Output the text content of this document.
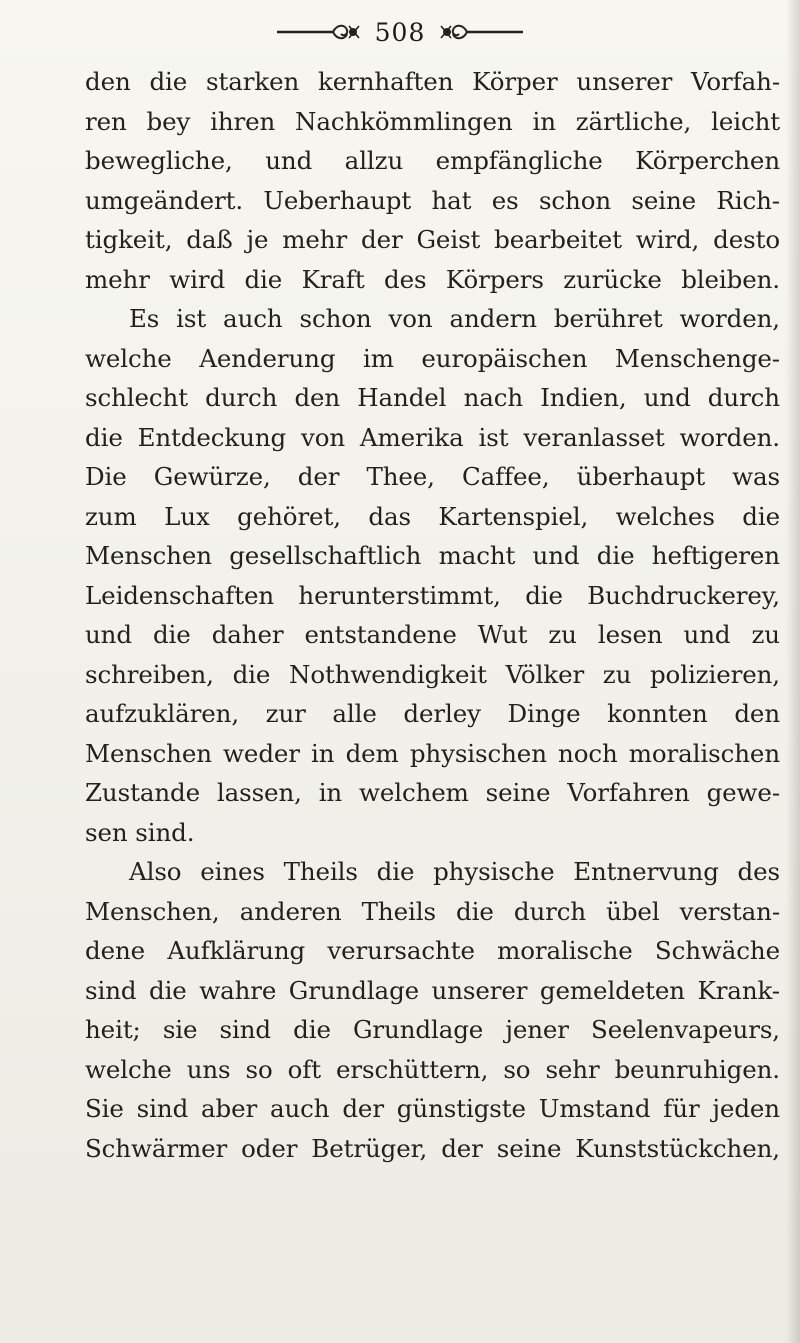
508
den die starken kernhaften Körper unserer Vorfah-
ren bey ihren Nachkömmlingen in zärtliche, leicht
bewegliche, und allzu empfängliche Körperchen
umgeändert. Ueberhaupt hat es schon seine Rich-
tigkeit, daß je mehr der Geist bearbeitet wird, desto
mehr wird die Kraft des Körpers zurücke bleiben.
Es ist auch schon von andern berühret worden,
welche Aenderung im europäischen Menschenge-
schlecht durch den Handel nach Indien, und durch
die Entdeckung von Amerika ist veranlasset worden.
Die Gewürze, der Thee, Caffee, überhaupt was
zum Lux gehöret, das Kartenspiel, welches die
Menschen gesellschaftlich macht und die heftigeren
Leidenschaften herunterstimmt, die Buchdruckerey,
und die daher entstandene Wut zu lesen und zu
schreiben, die Nothwendigkeit Völker zu polizieren,
aufzuklären, zur alle derley Dinge konnten den
Menschen weder in dem physischen noch moralischen
Zustande lassen, in welchem seine Vorfahren gewe-
sen sind.
Also eines Theils die physische Entnervung des
Menschen, anderen Theils die durch übel verstan-
dene Aufklärung verursachte moralische Schwäche
sind die wahre Grundlage unserer gemeldeten Krank-
heit; sie sind die Grundlage jener Seelenvapeurs,
welche uns so oft erschüttern, so sehr beunruhigen.
Sie sind aber auch der günstigste Umstand für jeden
Schwärmer oder Betrüger, der seine Kunststückchen,
